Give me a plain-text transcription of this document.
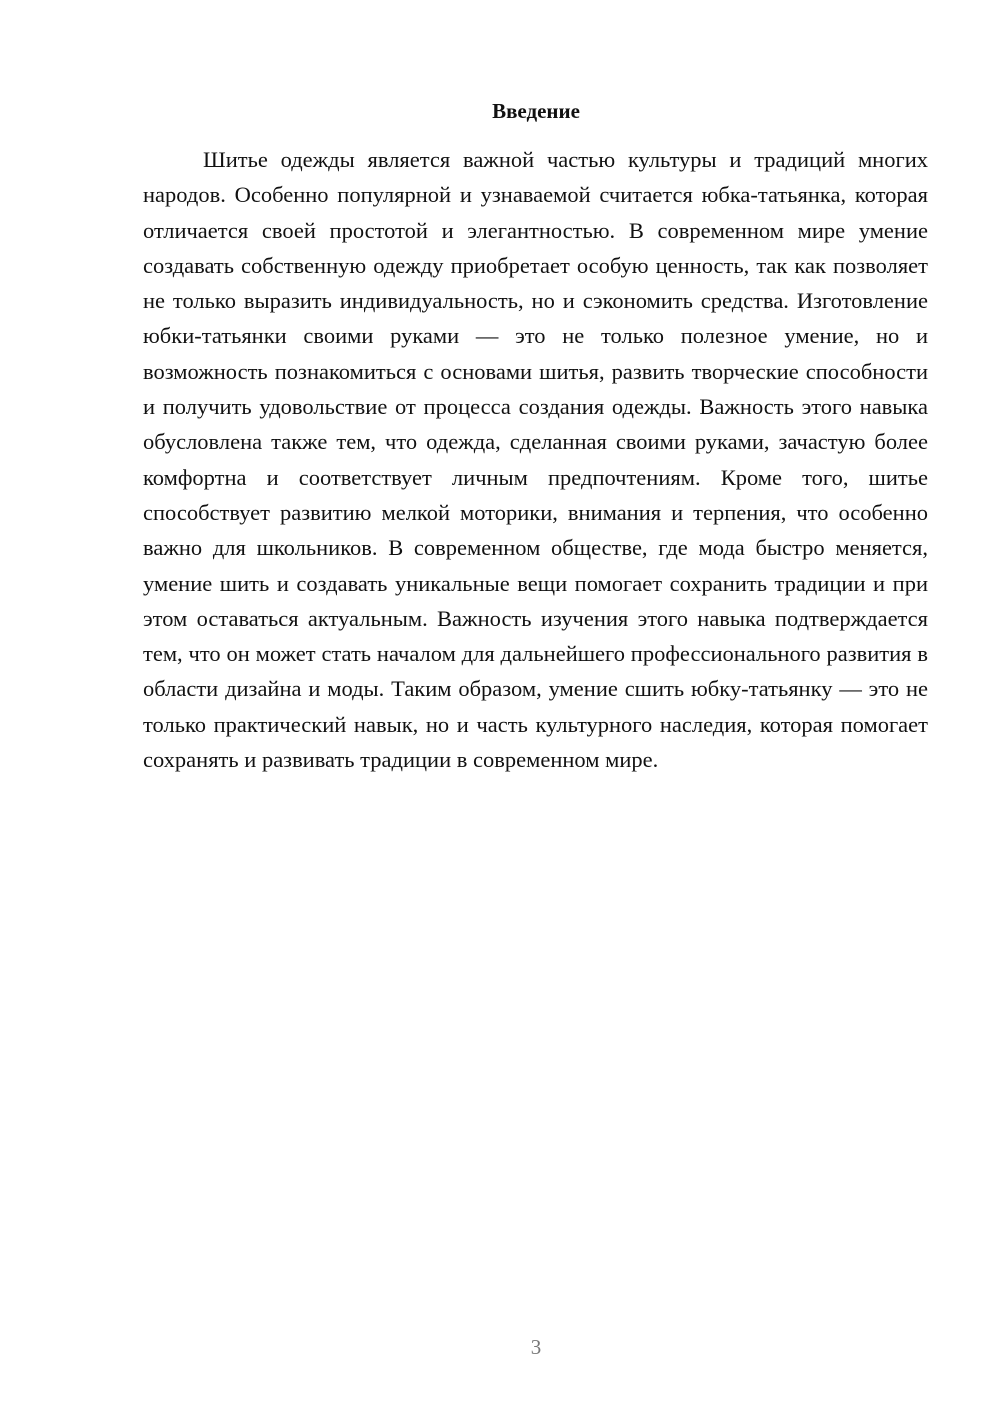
Введение

Шитье одежды является важной частью культуры и традиций многих народов. Особенно популярной и узнаваемой считается юбка-татьянка, которая отличается своей простотой и элегантностью. В современном мире умение создавать собственную одежду приобретает особую ценность, так как позволяет не только выразить индивидуальность, но и сэкономить средства. Изготовление юбки-татьянки своими руками — это не только полезное умение, но и возможность познакомиться с основами шитья, развить творческие способности и получить удовольствие от процесса создания одежды. Важность этого навыка обусловлена также тем, что одежда, сделанная своими руками, зачастую более комфортна и соответствует личным предпочтениям. Кроме того, шитье способствует развитию мелкой моторики, внимания и терпения, что особенно важно для школьников. В современном обществе, где мода быстро меняется, умение шить и создавать уникальные вещи помогает сохранить традиции и при этом оставаться актуальным. Важность изучения этого навыка подтверждается тем, что он может стать началом для дальнейшего профессионального развития в области дизайна и моды. Таким образом, умение сшить юбку-татьянку — это не только практический навык, но и часть культурного наследия, которая помогает сохранять и развивать традиции в современном мире.

3
